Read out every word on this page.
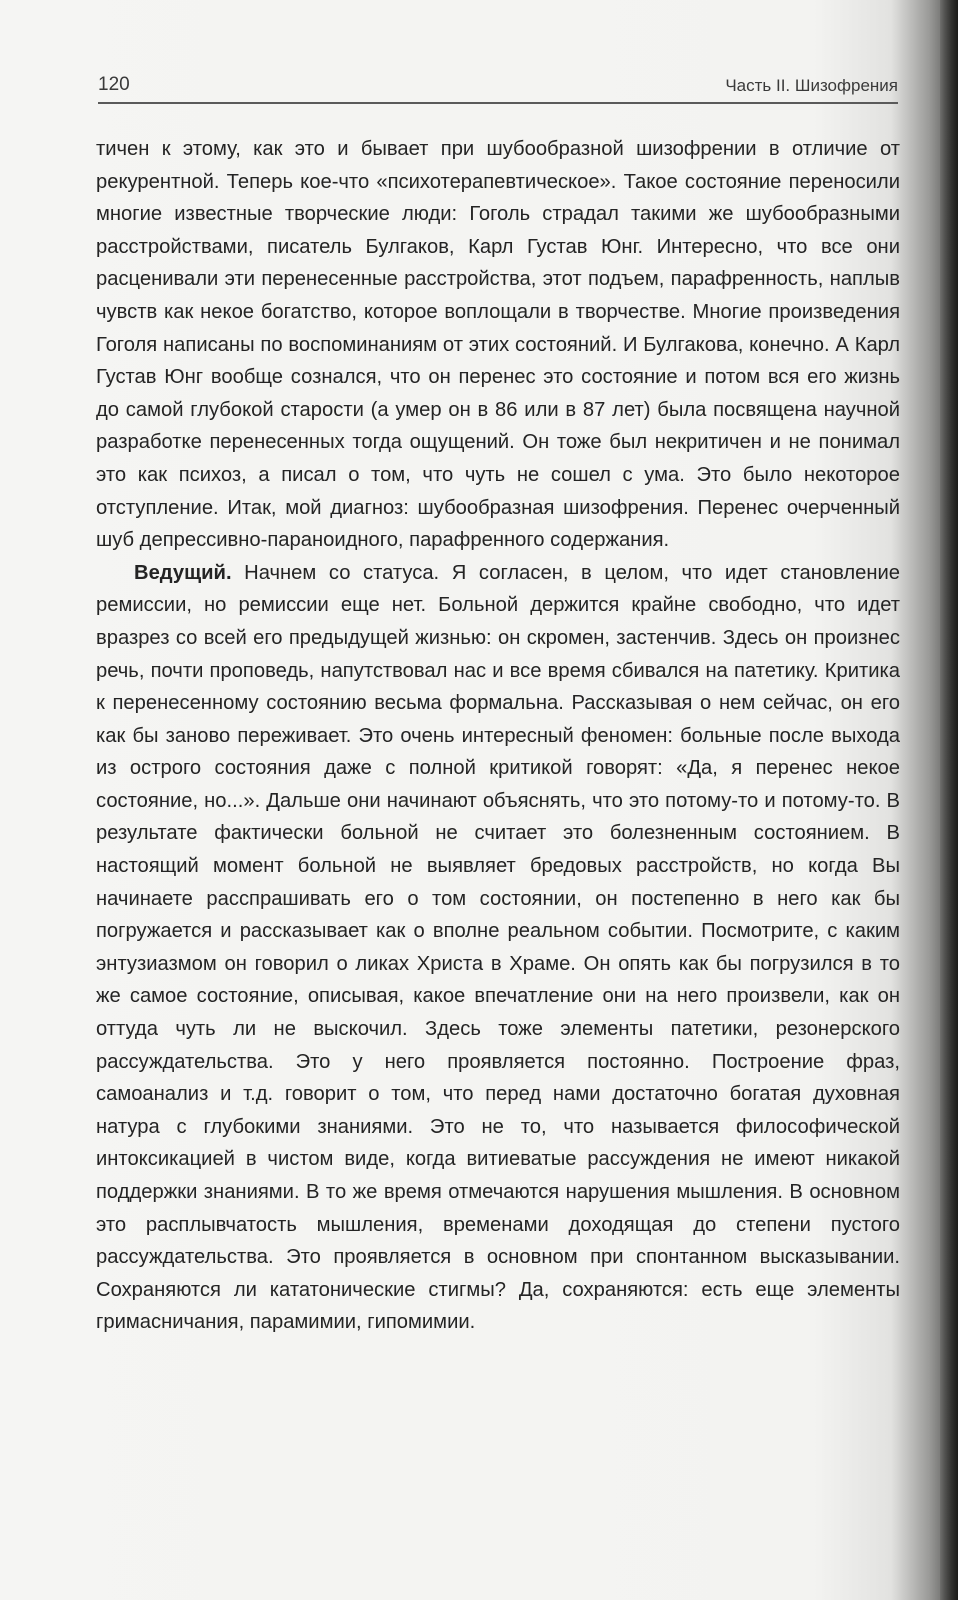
120	Часть II. Шизофрения

тичен к этому, как это и бывает при шубообразной шизофрении в отличие от рекурентной. Теперь кое-что «психотерапевтическое». Такое состояние переносили многие известные творческие люди: Гоголь страдал такими же шубообразными расстройствами, писатель Булгаков, Карл Густав Юнг. Интересно, что все они расценивали эти перенесенные расстройства, этот подъем, парафренность, наплыв чувств как некое богатство, которое воплощали в творчестве. Многие произведения Гоголя написаны по воспоминаниям от этих состояний. И Булгакова, конечно. А Карл Густав Юнг вообще сознался, что он перенес это состояние и потом вся его жизнь до самой глубокой старости (а умер он в 86 или в 87 лет) была посвящена научной разработке перенесенных тогда ощущений. Он тоже был некритичен и не понимал это как психоз, а писал о том, что чуть не сошел с ума. Это было некоторое отступление. Итак, мой диагноз: шубообразная шизофрения. Перенес очерченный шуб депрессивно-параноидного, парафренного содержания.

Ведущий. Начнем со статуса. Я согласен, в целом, что идет становление ремиссии, но ремиссии еще нет. Больной держится крайне свободно, что идет вразрез со всей его предыдущей жизнью: он скромен, застенчив. Здесь он произнес речь, почти проповедь, напутствовал нас и все время сбивался на патетику. Критика к перенесенному состоянию весьма формальна. Рассказывая о нем сейчас, он его как бы заново переживает. Это очень интересный феномен: больные после выхода из острого состояния даже с полной критикой говорят: «Да, я перенес некое состояние, но...». Дальше они начинают объяснять, что это потому-то и потому-то. В результате фактически больной не считает это болезненным состоянием. В настоящий момент больной не выявляет бредовых расстройств, но когда Вы начинаете расспрашивать его о том состоянии, он постепенно в него как бы погружается и рассказывает как о вполне реальном событии. Посмотрите, с каким энтузиазмом он говорил о ликах Христа в Храме. Он опять как бы погрузился в то же самое состояние, описывая, какое впечатление они на него произвели, как он оттуда чуть ли не выскочил. Здесь тоже элементы патетики, резонерского рассуждательства. Это у него проявляется постоянно. Построение фраз, самоанализ и т.д. говорит о том, что перед нами достаточно богатая духовная натура с глубокими знаниями. Это не то, что называется философической интоксикацией в чистом виде, когда витиеватые рассуждения не имеют никакой поддержки знаниями. В то же время отмечаются нарушения мышления. В основном это расплывчатость мышления, временами доходящая до степени пустого рассуждательства. Это проявляется в основном при спонтанном высказывании. Сохраняются ли кататонические стигмы? Да, сохраняются: есть еще элементы гримасничания, парамимии, гипомимии.
